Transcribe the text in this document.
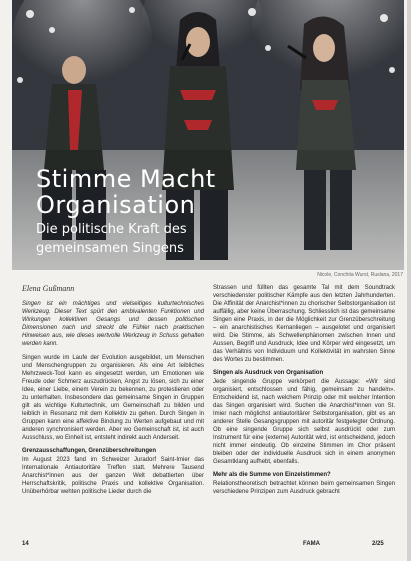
Stimme Macht
Organisation
Die politische Kraft des
gemeinsamen Singens
Nicole, Conchita Wurst, Ruslana, 2017
Elena Gußmann

Singen ist ein mächtiges und vielseitiges kulturtechnisches Werkzeug. Dieser Text spürt den ambivalenten Funktionen und Wirkungen kollektiven Gesangs und dessen politischen Dimensionen nach und streckt die Fühler nach praktischen Hinweisen aus, wie dieses wertvolle Werkzeug in Schuss gehalten werden kann.

Singen wurde im Laufe der Evolution ausgebildet, um Menschen und Menschengruppen zu organisieren. Als eine Art leibliches Mehrzweck-Tool kann es eingesetzt werden, um Emotionen wie Freude oder Schmerz auszudrücken, Angst zu lösen, sich zu einer Idee, einer Liebe, einem Verein zu bekennen, zu protestieren oder zu unterhalten. Insbesondere das gemeinsame Singen in Gruppen gilt als wichtige Kulturtechnik, um Gemeinschaft zu bilden und leiblich in Resonanz mit dem Kollektiv zu gehen. Durch Singen in Gruppen kann eine affektive Bindung zu Werten aufgebaut und mit anderen synchronisiert werden. Aber wo Gemeinschaft ist, ist auch Ausschluss, wo Einheit ist, entsteht indirekt auch Anderseit.

Grenzausschaffungen, Grenzüberschreitungen

Im August 2023 fand im Schweizer Juradorf Saint-Imier das Internationale Antiautoritäre Treffen statt. Mehrere Tausend Anarchist*innen aus der ganzen Welt debattierten über Herrschaftskritik, politische Praxis und kollektive Organisation. Unüberhörbar wehten politische Lieder durch die

Strassen und füllten das gesamte Tal mit dem Soundtrack verschiedenster politischer Kämpfe aus den letzten Jahrhunderten. Die Affinität der Anarchist*innen zu chorischer Selbstorganisation ist auffällig, aber keine Überraschung. Schliesslich ist das gemeinsame Singen eine Praxis, in der die Möglichkeit zur Grenzüberschreitung – ein anarchistisches Kernanliegen – ausgelotet und organisiert wird. Die Stimme, als Schwellenphänomen zwischen Innen und Aussen, Begriff und Ausdruck, Idee und Körper wird eingesetzt, um das Verhältnis von Individuum und Kollektivität im wahrsten Sinne des Wortes zu bestimmen.

Singen als Ausdruck von Organisation

Jede singende Gruppe verkörpert die Aussage: «Wir sind organisiert, entschlossen und fähig, gemeinsam zu handeln». Entscheidend ist, nach welchem Prinzip oder mit welcher Intention das Singen organisiert wird. Suchen die Anarchist*innen von St. Imier nach möglichst antiautoritärer Selbstorganisation, gibt es an anderer Stelle Gesangsgruppen mit autoritär festgelegter Ordnung. Ob eine singende Gruppe sich selbst ausdrückt oder zum Instrument für eine (externe) Autorität wird, ist entscheidend, jedoch nicht immer eindeutig. Ob einzelne Stimmen im Chor präsent bleiben oder der individuelle Ausdruck sich in einem anonymen Gesamtklang aufhebt, ebenfalls.

Mehr als die Summe von Einzelstimmen?

Relationstheoretisch betrachtet können beim gemeinsamen Singen verschiedene Prinzipen zum Ausdruck gebracht

14	FAMA	2/25
